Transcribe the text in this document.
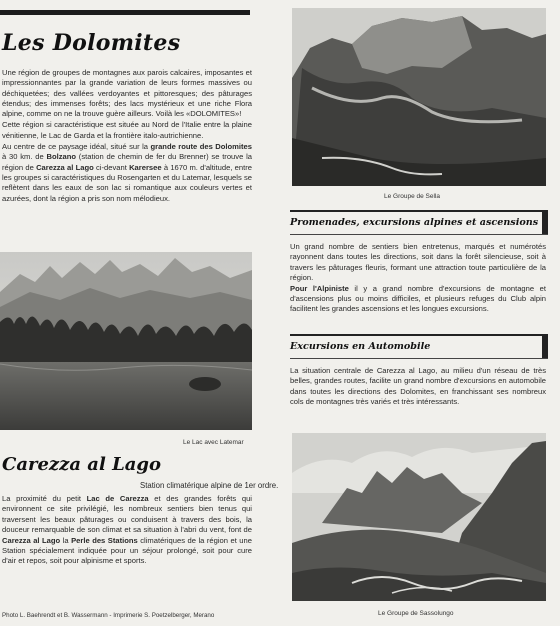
Les Dolomites

Une région de groupes de montagnes aux parois calcaires, imposantes et impressionnantes par la grande variation de leurs formes massives ou déchiquetées; des vallées verdoyantes et pittoresques; des pâturages étendus; des immenses forêts; des lacs mystérieux et une riche Flora alpine, comme on ne la trouve guère ailleurs. Voilà les «DOLOMITES»!

Cette région si caractéristique est située au Nord de l'Italie entre la plaine vénitienne, le Lac de Garda et la frontière italo-autrichienne.

Au centre de ce paysage idéal, situé sur la grande route des Dolomites à 30 km. de Bolzano (station de chemin de fer du Brenner) se trouve la région de Carezza al Lago ci-devant Karersee à 1670 m. d'altitude, entre les groupes si caractéristiques du Rosengarten et du Latemar, lesquels se reflètent dans les eaux de son lac si romantique aux couleurs vertes et azurées, dont la région a pris son nom mélodieux.

Le Lac avec Latemar
Carezza al Lago
Station climatérique alpine de 1er ordre.

La proximité du petit Lac de Carezza et des grandes forêts qui environnent ce site privilégié, les nombreux sentiers bien tenus qui traversent les beaux pâturages ou conduisent à travers des bois, la douceur remarquable de son climat et sa situation à l'abri du vent, font de Carezza al Lago la Perle des Stations climatériques de la région et une Station spécialement indiquée pour un séjour prolongé, soit pour cure d'air et repos, soit pour alpinisme et sports.

Photo L. Baehrendt et B. Wassermann - Imprimerie S. Poetzelberger, Merano
Le Groupe de Sella
Promenades, excursions alpines et ascensions

Un grand nombre de sentiers bien entretenus, marqués et numérotés rayonnent dans toutes les directions, soit dans la forêt silencieuse, soit à travers les pâturages fleuris, formant une attraction toute particulière de la région.

Pour l'Alpiniste il y a grand nombre d'excursions de montagne et d'ascensions plus ou moins difficiles, et plusieurs refuges du Club alpin facilitent les grandes ascensions et les longues excursions.

Excursions en Automobile

La situation centrale de Carezza al Lago, au milieu d'un réseau de très belles, grandes routes, facilite un grand nombre d'excursions en automobile dans toutes les directions des Dolomites, en franchissant ses nombreux cols de montagnes très variés et très intéressants.

Le Groupe de Sassolungo
